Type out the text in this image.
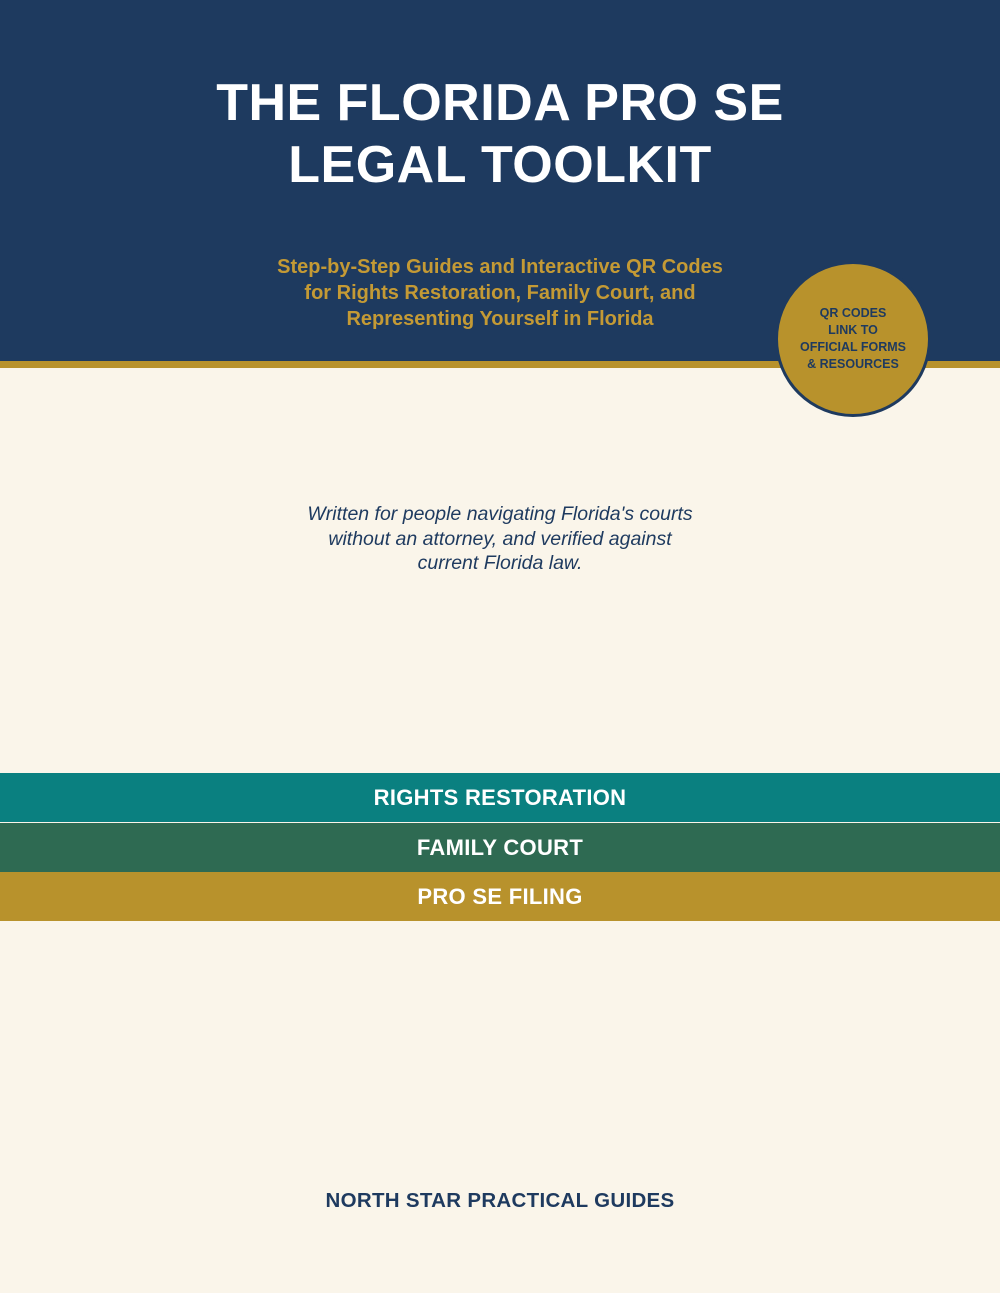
THE FLORIDA PRO SE
LEGAL TOOLKIT

Step-by-Step Guides and Interactive QR Codes
for Rights Restoration, Family Court, and
Representing Yourself in Florida	QR CODES
LINK TO
OFFICIAL FORMS
& RESOURCES

Written for people navigating Florida's courts
without an attorney, and verified against
current Florida law.

RIGHTS RESTORATION
FAMILY COURT
PRO SE FILING

NORTH STAR PRACTICAL GUIDES
